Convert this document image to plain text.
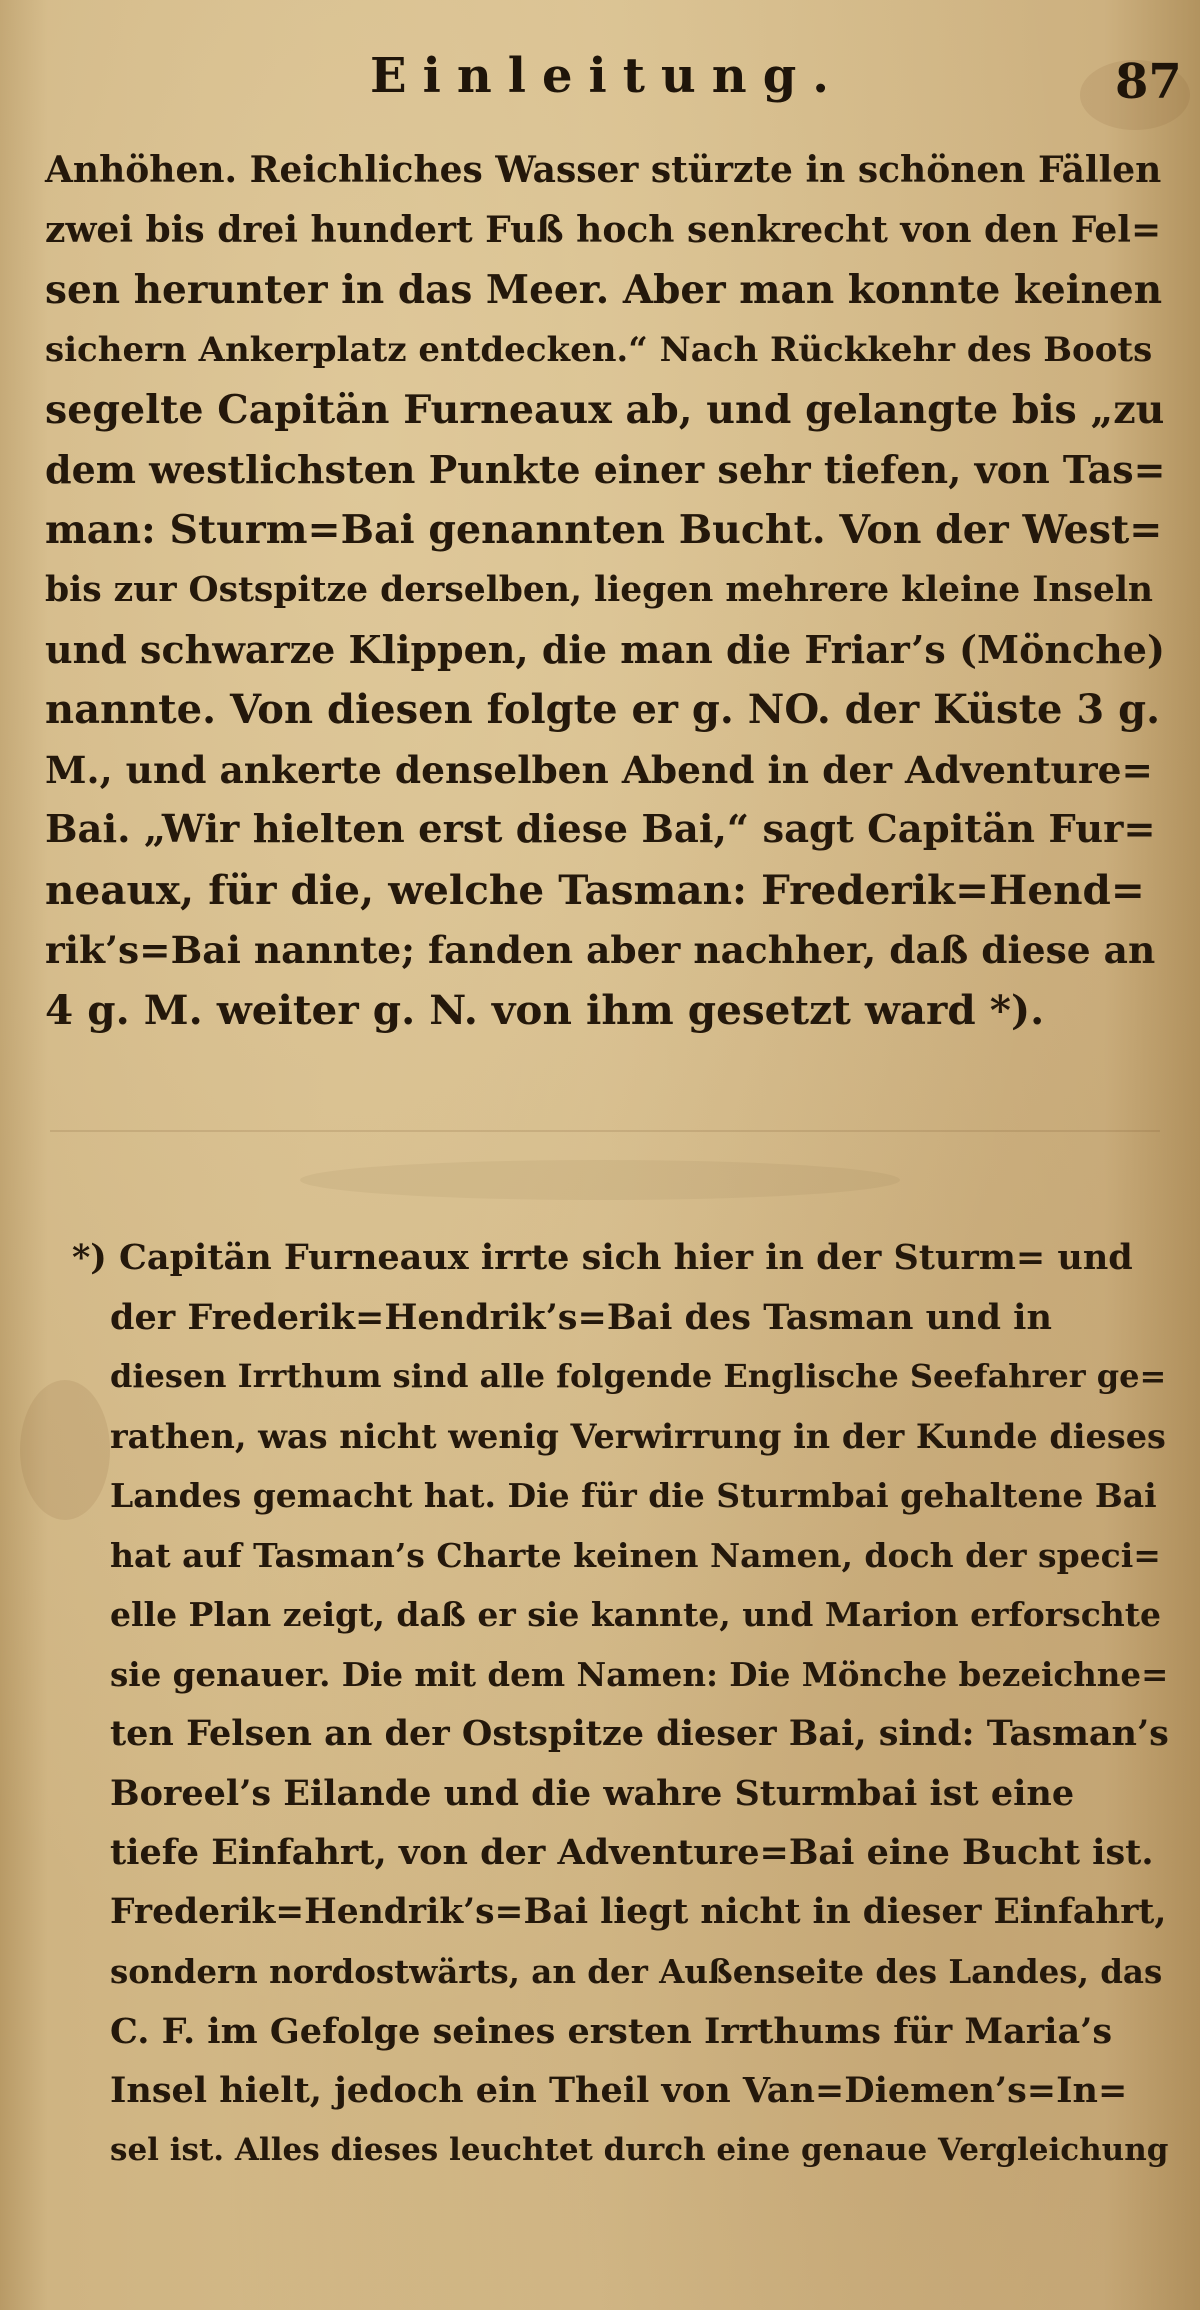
Einleitung.	87
Anhöhen. Reichliches Wasser stürzte in schönen Fällen
zwei bis drei hundert Fuß hoch senkrecht von den Fel=
sen herunter in das Meer. Aber man konnte keinen
sichern Ankerplatz entdecken.“ Nach Rückkehr des Boots
segelte Capitän Furneaux ab, und gelangte bis „zu
dem westlichsten Punkte einer sehr tiefen, von Tas=
man: Sturm=Bai genannten Bucht. Von der West=
bis zur Ostspitze derselben, liegen mehrere kleine Inseln
und schwarze Klippen, die man die Friar’s (Mönche)
nannte. Von diesen folgte er g. NO. der Küste 3 g.
M., und ankerte denselben Abend in der Adventure=
Bai. „Wir hielten erst diese Bai,“ sagt Capitän Fur=
neaux, für die, welche Tasman: Frederik=Hend=
rik’s=Bai nannte; fanden aber nachher, daß diese an
4 g. M. weiter g. N. von ihm gesetzt ward *).
*) Capitän Furneaux irrte sich hier in der Sturm= und
der Frederik=Hendrik’s=Bai des Tasman und in
diesen Irrthum sind alle folgende Englische Seefahrer ge=
rathen, was nicht wenig Verwirrung in der Kunde dieses
Landes gemacht hat. Die für die Sturmbai gehaltene Bai
hat auf Tasman’s Charte keinen Namen, doch der speci=
elle Plan zeigt, daß er sie kannte, und Marion erforschte
sie genauer. Die mit dem Namen: Die Mönche bezeichne=
ten Felsen an der Ostspitze dieser Bai, sind: Tasman’s
Boreel’s Eilande und die wahre Sturmbai ist eine
tiefe Einfahrt, von der Adventure=Bai eine Bucht ist.
Frederik=Hendrik’s=Bai liegt nicht in dieser Einfahrt,
sondern nordostwärts, an der Außenseite des Landes, das
C. F. im Gefolge seines ersten Irrthums für Maria’s
Insel hielt, jedoch ein Theil von Van=Diemen’s=In=
sel ist. Alles dieses leuchtet durch eine genaue Vergleichung
